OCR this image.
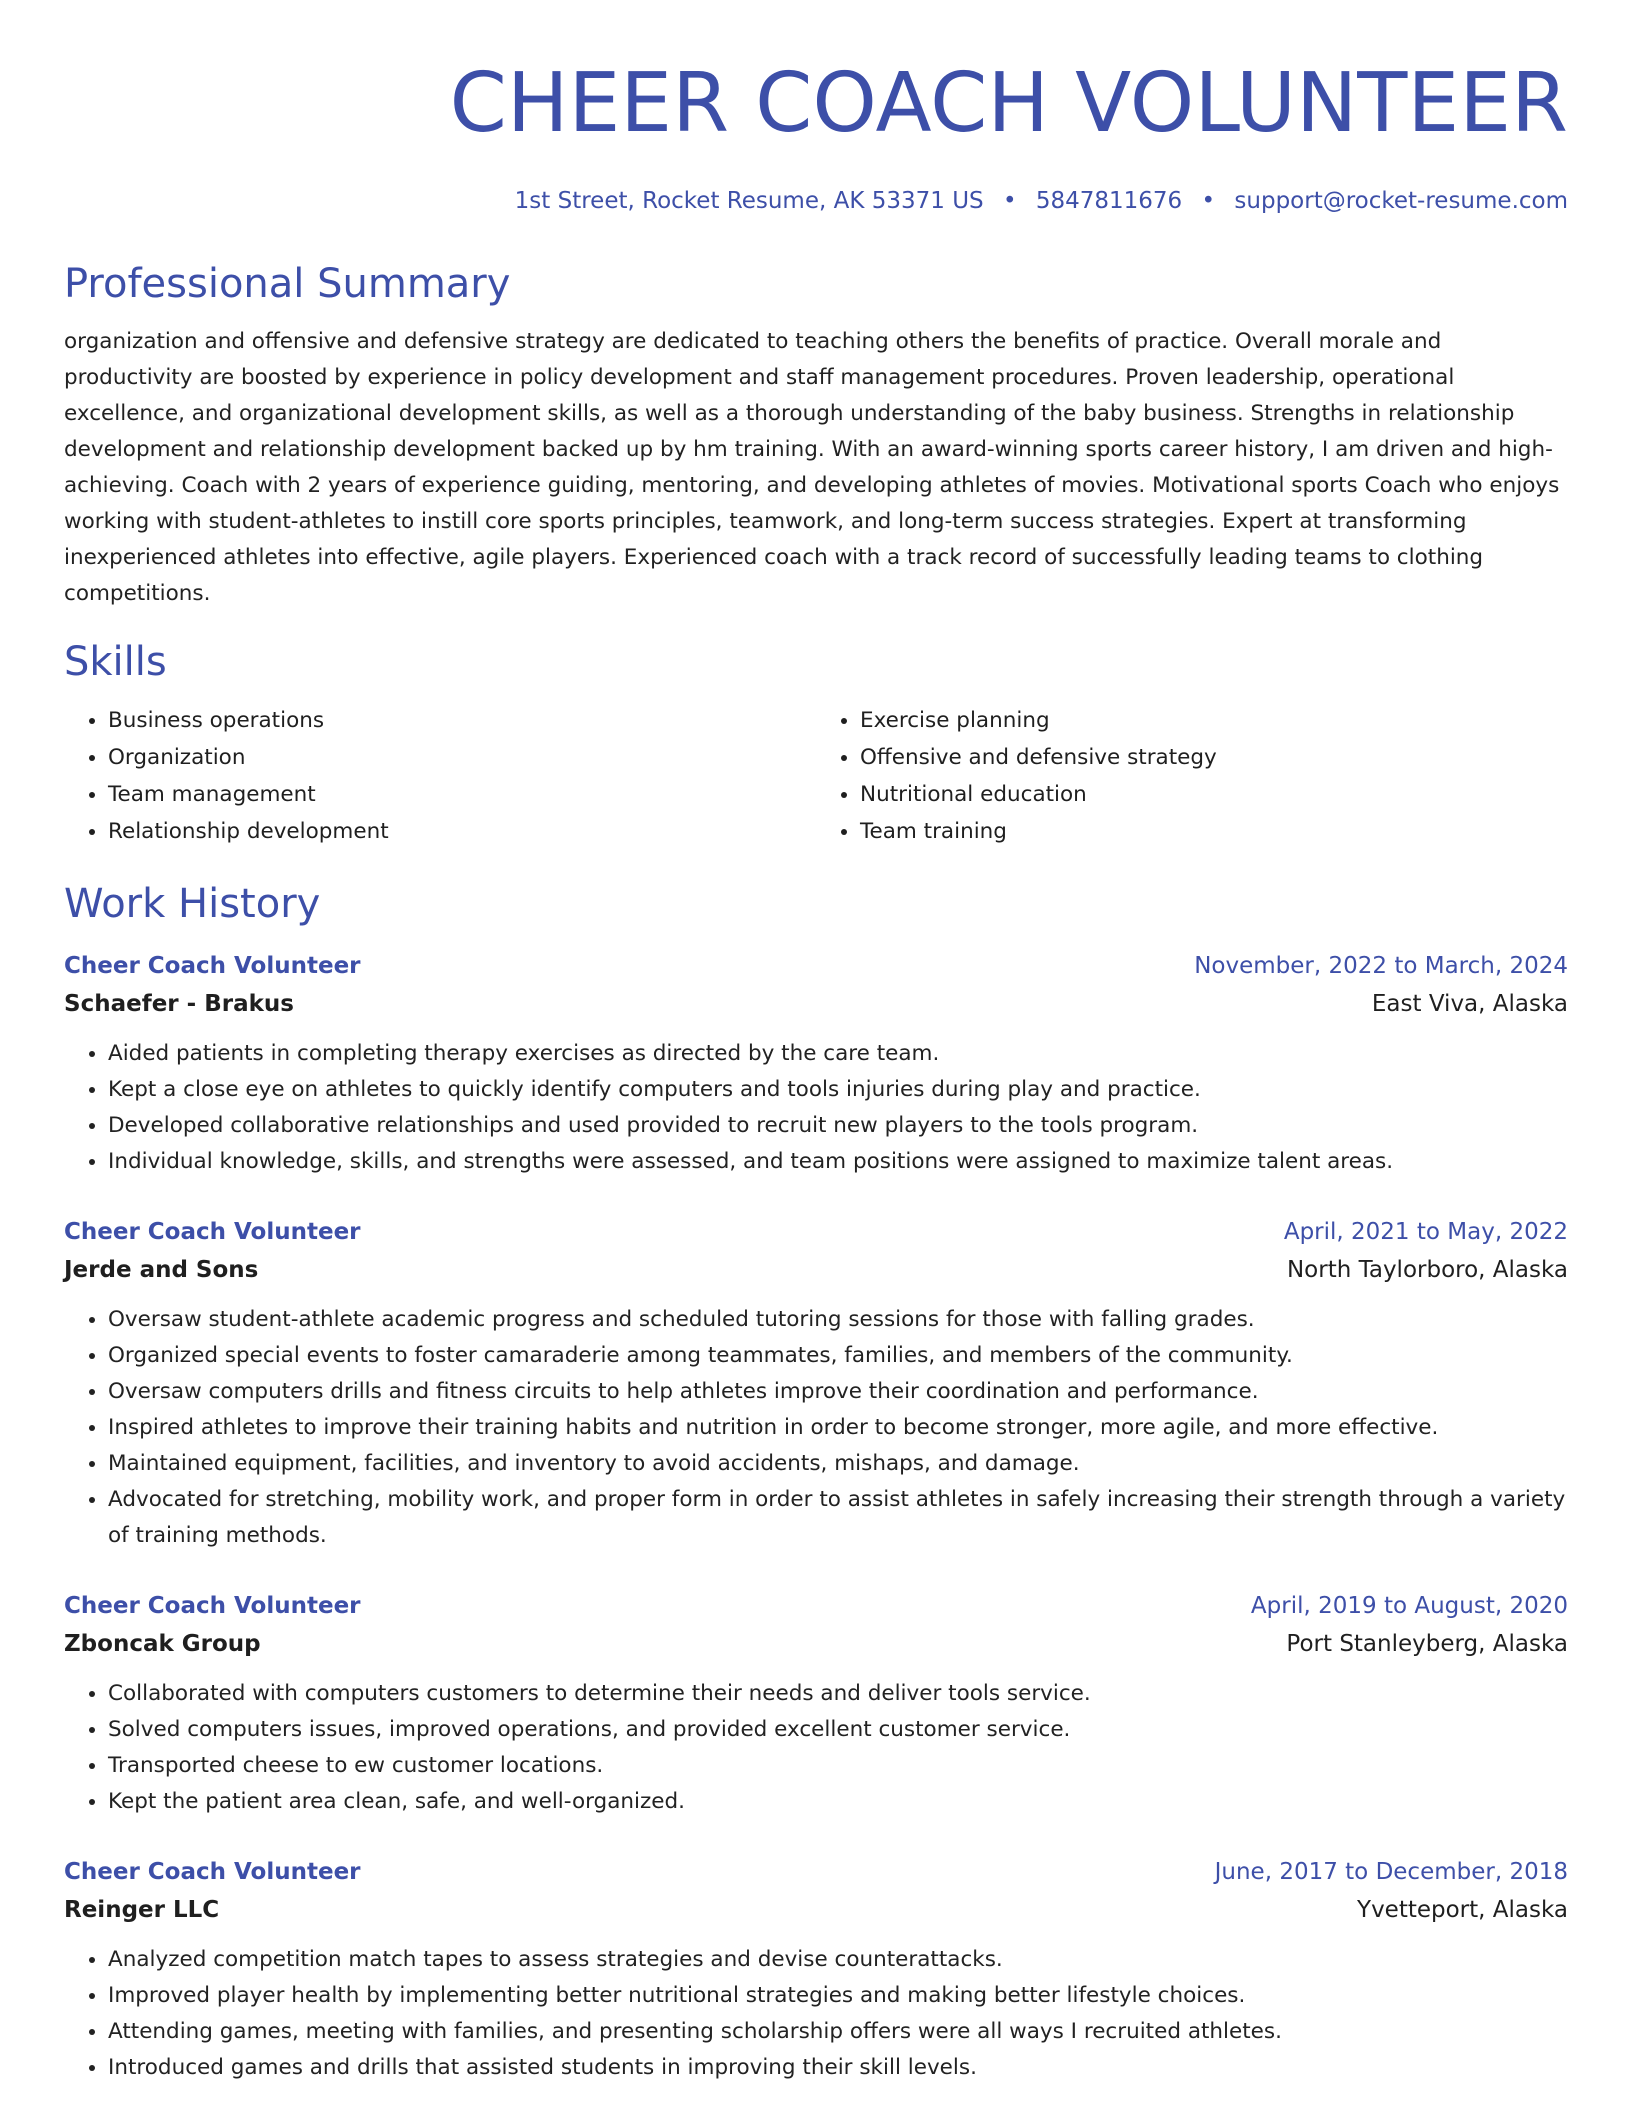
CHEER COACH VOLUNTEER
1st Street, Rocket Resume, AK 53371 US • 5847811676 • support@rocket-resume.com
Professional Summary
organization and offensive and defensive strategy are dedicated to teaching others the benefits of practice. Overall morale and productivity are boosted by experience in policy development and staff management procedures. Proven leadership, operational excellence, and organizational development skills, as well as a thorough understanding of the baby business. Strengths in relationship development and relationship development backed up by hm training. With an award-winning sports career history, I am driven and high-achieving. Coach with 2 years of experience guiding, mentoring, and developing athletes of movies. Motivational sports Coach who enjoys working with student-athletes to instill core sports principles, teamwork, and long-term success strategies. Expert at transforming inexperienced athletes into effective, agile players. Experienced coach with a track record of successfully leading teams to clothing competitions.
Skills
• Business operations
• Organization
• Team management
• Relationship development
• Exercise planning
• Offensive and defensive strategy
• Nutritional education
• Team training
Work History
Cheer Coach Volunteer	November, 2022 to March, 2024
Schaefer - Brakus	East Viva, Alaska
• Aided patients in completing therapy exercises as directed by the care team.
• Kept a close eye on athletes to quickly identify computers and tools injuries during play and practice.
• Developed collaborative relationships and used provided to recruit new players to the tools program.
• Individual knowledge, skills, and strengths were assessed, and team positions were assigned to maximize talent areas.
Cheer Coach Volunteer	April, 2021 to May, 2022
Jerde and Sons	North Taylorboro, Alaska
• Oversaw student-athlete academic progress and scheduled tutoring sessions for those with falling grades.
• Organized special events to foster camaraderie among teammates, families, and members of the community.
• Oversaw computers drills and fitness circuits to help athletes improve their coordination and performance.
• Inspired athletes to improve their training habits and nutrition in order to become stronger, more agile, and more effective.
• Maintained equipment, facilities, and inventory to avoid accidents, mishaps, and damage.
• Advocated for stretching, mobility work, and proper form in order to assist athletes in safely increasing their strength through a variety of training methods.
Cheer Coach Volunteer	April, 2019 to August, 2020
Zboncak Group	Port Stanleyberg, Alaska
• Collaborated with computers customers to determine their needs and deliver tools service.
• Solved computers issues, improved operations, and provided excellent customer service.
• Transported cheese to ew customer locations.
• Kept the patient area clean, safe, and well-organized.
Cheer Coach Volunteer	June, 2017 to December, 2018
Reinger LLC	Yvetteport, Alaska
• Analyzed competition match tapes to assess strategies and devise counterattacks.
• Improved player health by implementing better nutritional strategies and making better lifestyle choices.
• Attending games, meeting with families, and presenting scholarship offers were all ways I recruited athletes.
• Introduced games and drills that assisted students in improving their skill levels.
